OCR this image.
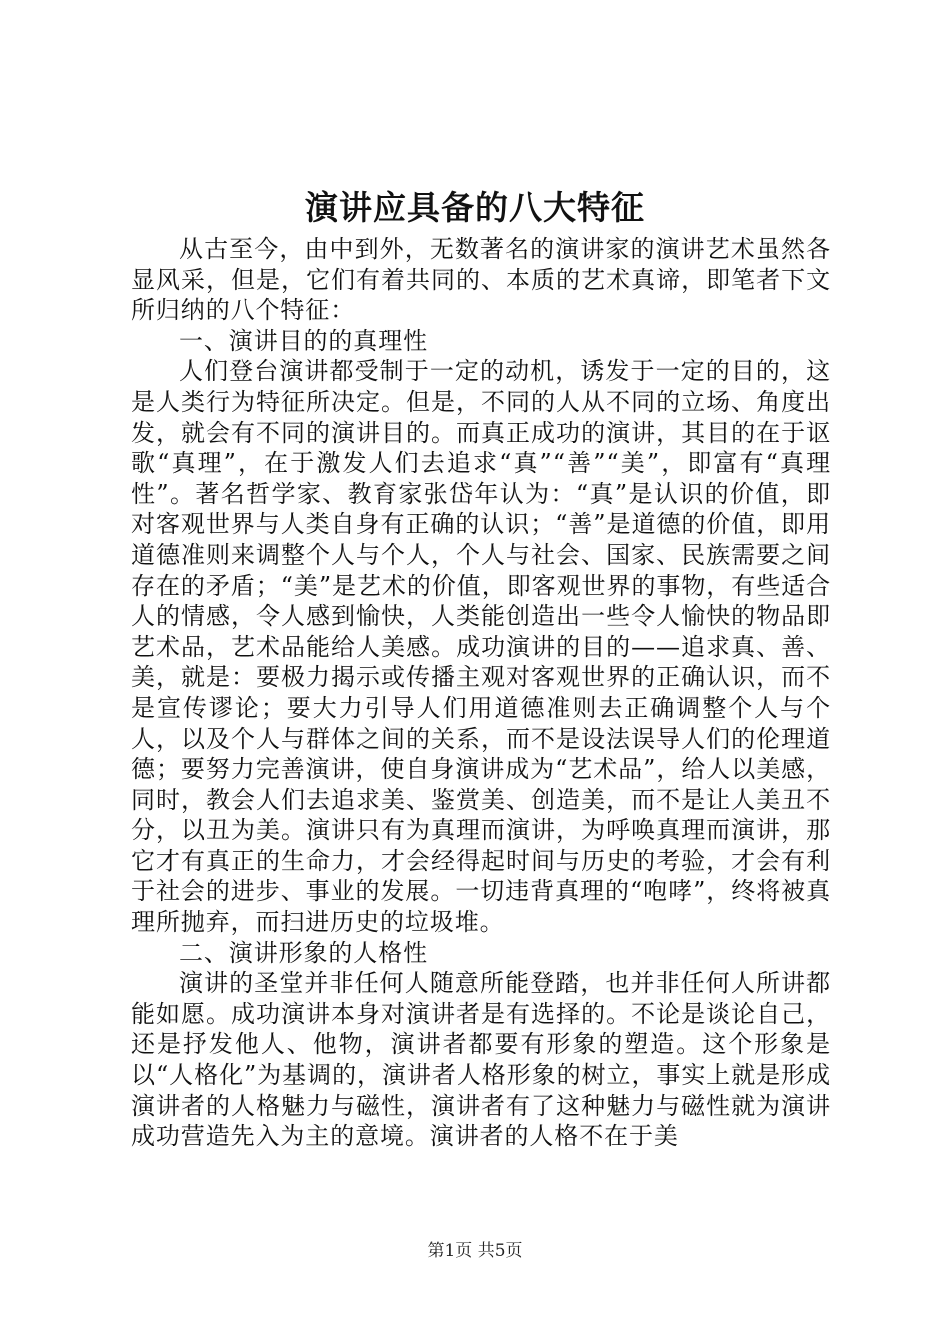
演讲应具备的八大特征

从古至今，由中到外，无数著名的演讲家的演讲艺术虽然各显风采，但是，它们有着共同的、本质的艺术真谛，即笔者下文所归纳的八个特征：

一、演讲目的的真理性

人们登台演讲都受制于一定的动机，诱发于一定的目的，这是人类行为特征所决定。但是，不同的人从不同的立场、角度出发，就会有不同的演讲目的。而真正成功的演讲，其目的在于讴歌“真理”，在于激发人们去追求“真”“善”“美”，即富有“真理性”。著名哲学家、教育家张岱年认为：“真”是认识的价值，即对客观世界与人类自身有正确的认识；“善”是道德的价值，即用道德准则来调整个人与个人，个人与社会、国家、民族需要之间存在的矛盾；“美”是艺术的价值，即客观世界的事物，有些适合人的情感，令人感到愉快，人类能创造出一些令人愉快的物品即艺术品，艺术品能给人美感。成功演讲的目的——追求真、善、美，就是：要极力揭示或传播主观对客观世界的正确认识，而不是宣传谬论；要大力引导人们用道德准则去正确调整个人与个人，以及个人与群体之间的关系，而不是设法误导人们的伦理道德；要努力完善演讲，使自身演讲成为“艺术品”，给人以美感，同时，教会人们去追求美、鉴赏美、创造美，而不是让人美丑不分，以丑为美。演讲只有为真理而演讲，为呼唤真理而演讲，那它才有真正的生命力，才会经得起时间与历史的考验，才会有利于社会的进步、事业的发展。一切违背真理的“咆哮”，终将被真理所抛弃，而扫进历史的垃圾堆。

二、演讲形象的人格性

演讲的圣堂并非任何人随意所能登踏，也并非任何人所讲都能如愿。成功演讲本身对演讲者是有选择的。不论是谈论自己，还是抒发他人、他物，演讲者都要有形象的塑造。这个形象是以“人格化”为基调的，演讲者人格形象的树立，事实上就是形成演讲者的人格魅力与磁性，演讲者有了这种魅力与磁性就为演讲成功营造先入为主的意境。演讲者的人格不在于美

第1页 共5页
